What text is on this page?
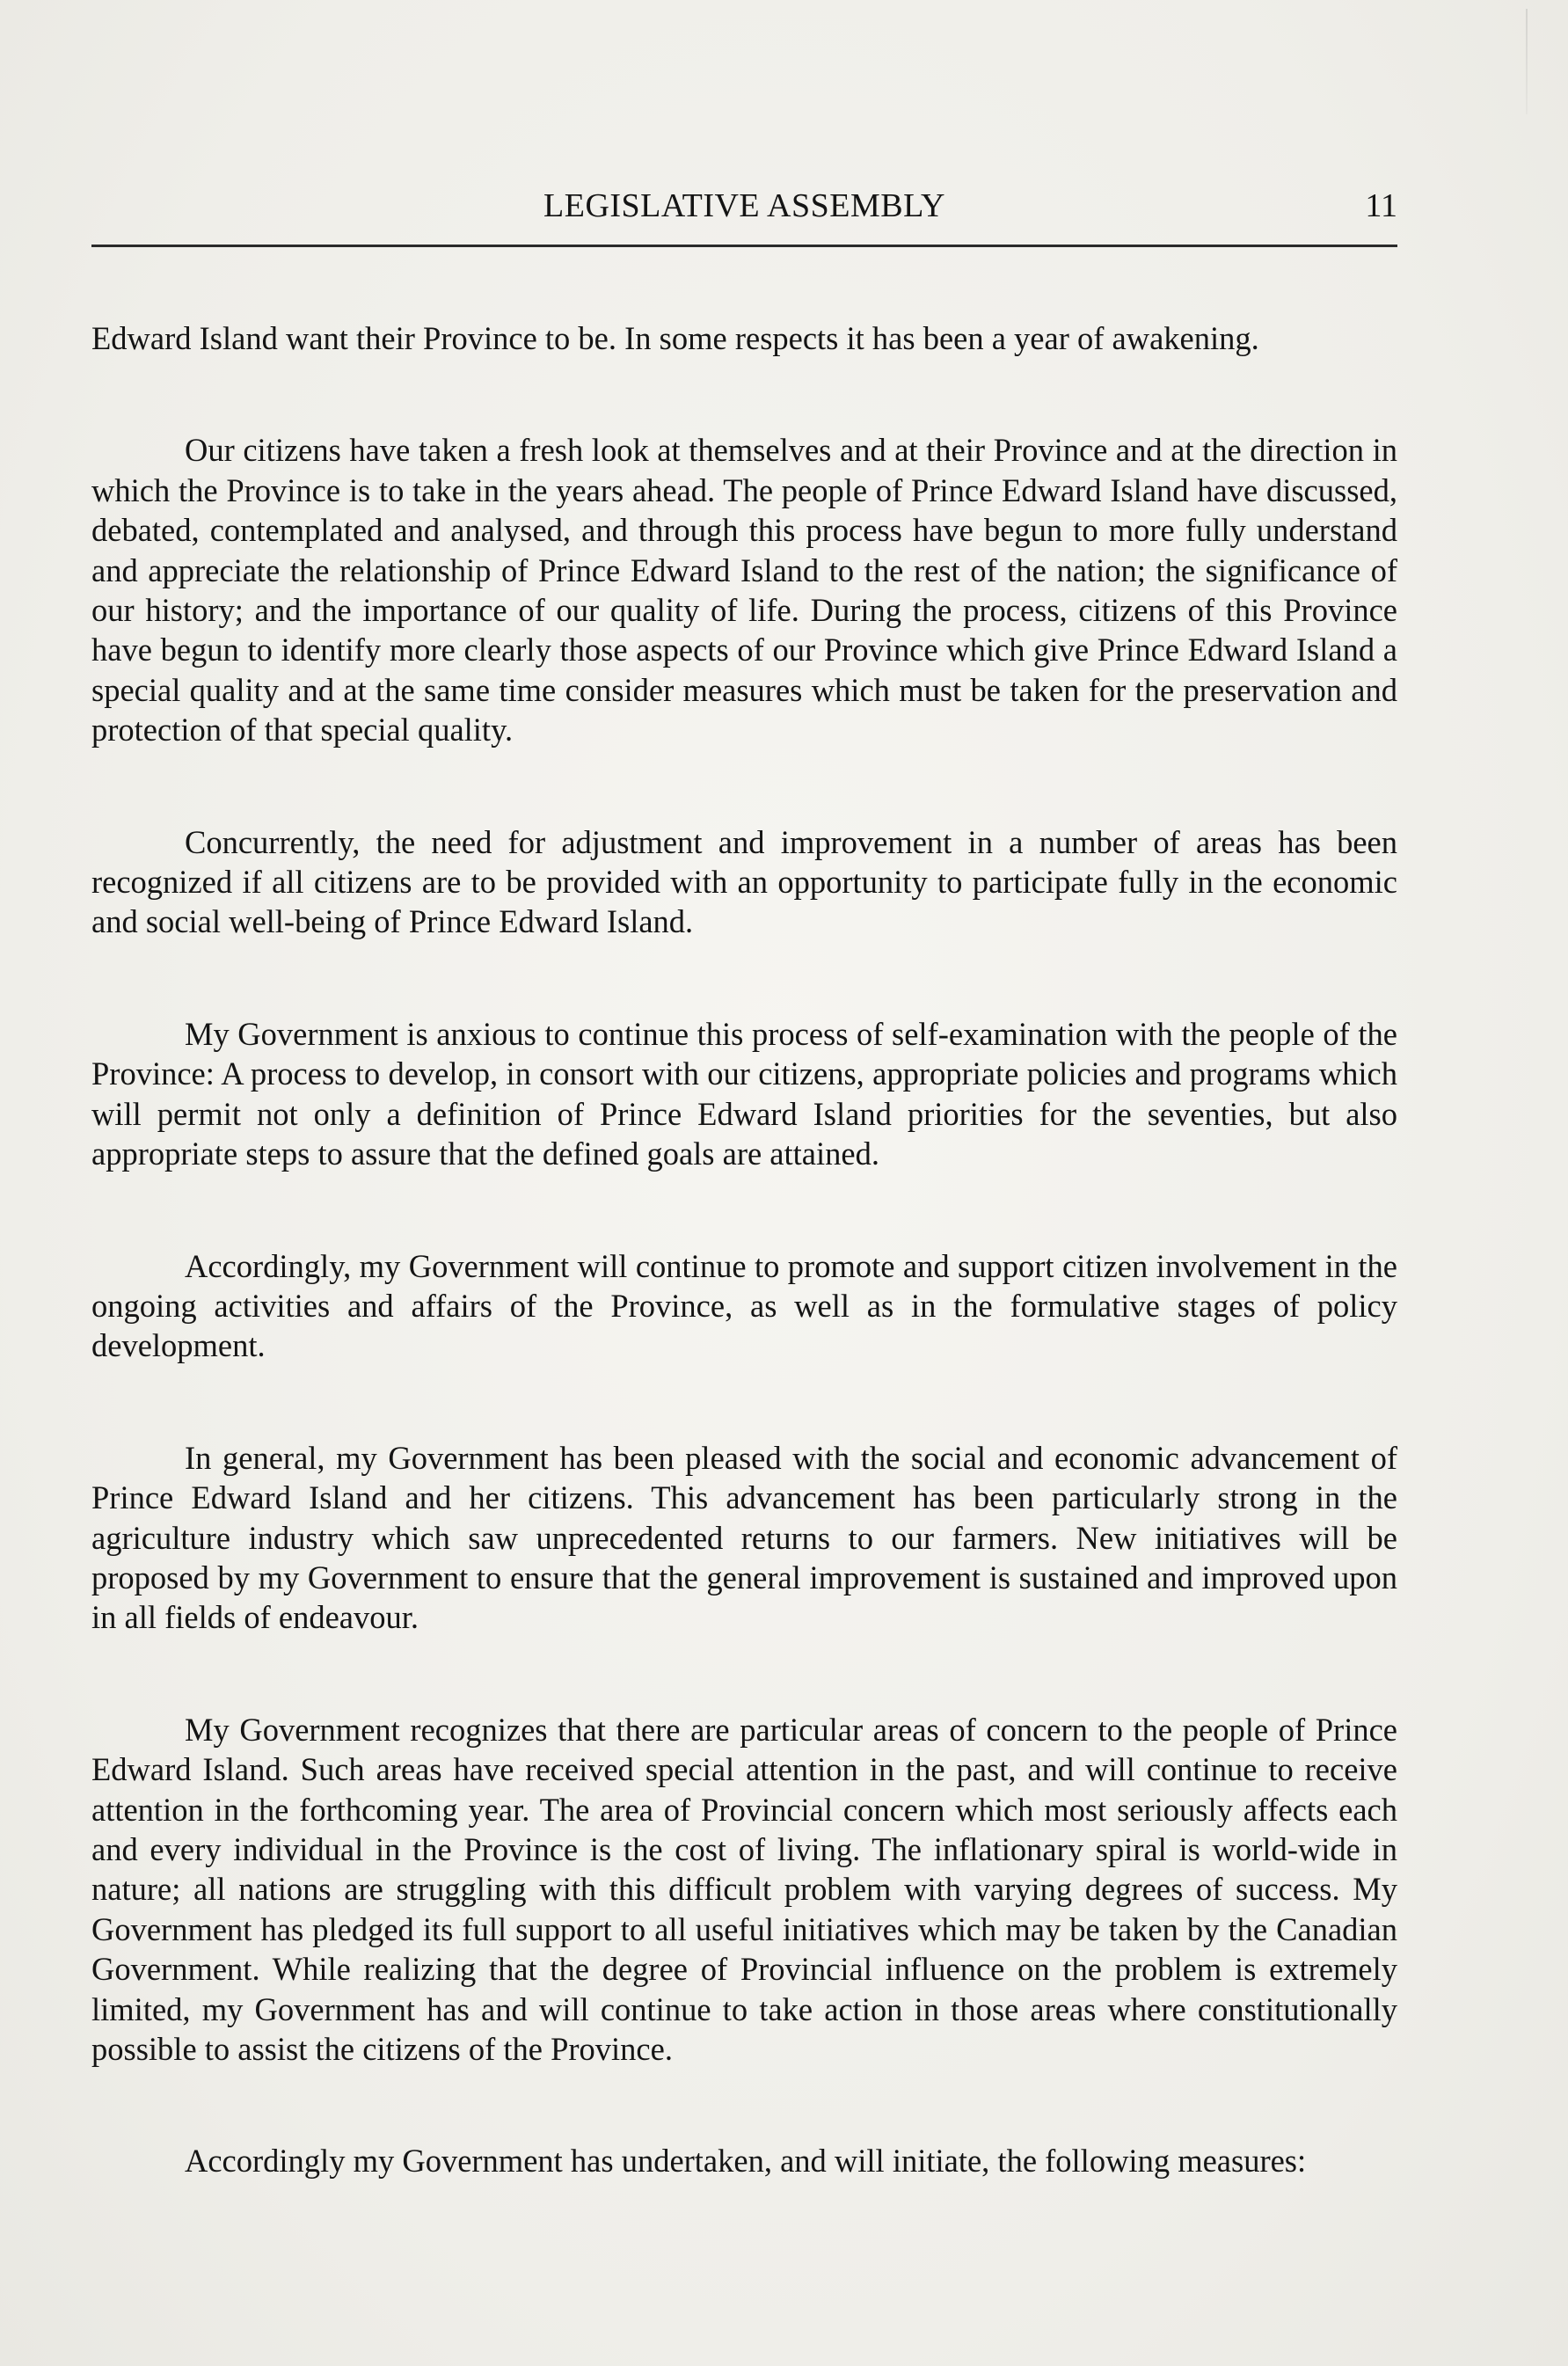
LEGISLATIVE ASSEMBLY	11

Edward Island want their Province to be. In some respects it has been a year of awakening.

Our citizens have taken a fresh look at themselves and at their Province and at the direction in which the Province is to take in the years ahead. The people of Prince Edward Island have discussed, debated, contemplated and analysed, and through this process have begun to more fully understand and appreciate the relationship of Prince Edward Island to the rest of the nation; the significance of our history; and the importance of our quality of life. During the process, citizens of this Province have begun to identify more clearly those aspects of our Province which give Prince Edward Island a special quality and at the same time consider measures which must be taken for the preservation and protection of that special quality.

Concurrently, the need for adjustment and improvement in a number of areas has been recognized if all citizens are to be provided with an opportunity to participate fully in the economic and social well-being of Prince Edward Island.

My Government is anxious to continue this process of self-examination with the people of the Province: A process to develop, in consort with our citizens, appropriate policies and programs which will permit not only a definition of Prince Edward Island priorities for the seventies, but also appropriate steps to assure that the defined goals are attained.

Accordingly, my Government will continue to promote and support citizen involvement in the ongoing activities and affairs of the Province, as well as in the formulative stages of policy development.

In general, my Government has been pleased with the social and economic advancement of Prince Edward Island and her citizens. This advancement has been particularly strong in the agriculture industry which saw unprecedented returns to our farmers. New initiatives will be proposed by my Government to ensure that the general improvement is sustained and improved upon in all fields of endeavour.

My Government recognizes that there are particular areas of concern to the people of Prince Edward Island. Such areas have received special attention in the past, and will continue to receive attention in the forthcoming year. The area of Provincial concern which most seriously affects each and every individual in the Province is the cost of living. The inflationary spiral is world-wide in nature; all nations are struggling with this difficult problem with varying degrees of success. My Government has pledged its full support to all useful initiatives which may be taken by the Canadian Government. While realizing that the degree of Provincial influence on the problem is extremely limited, my Government has and will continue to take action in those areas where constitutionally possible to assist the citizens of the Province.

Accordingly my Government has undertaken, and will initiate, the following measures:
